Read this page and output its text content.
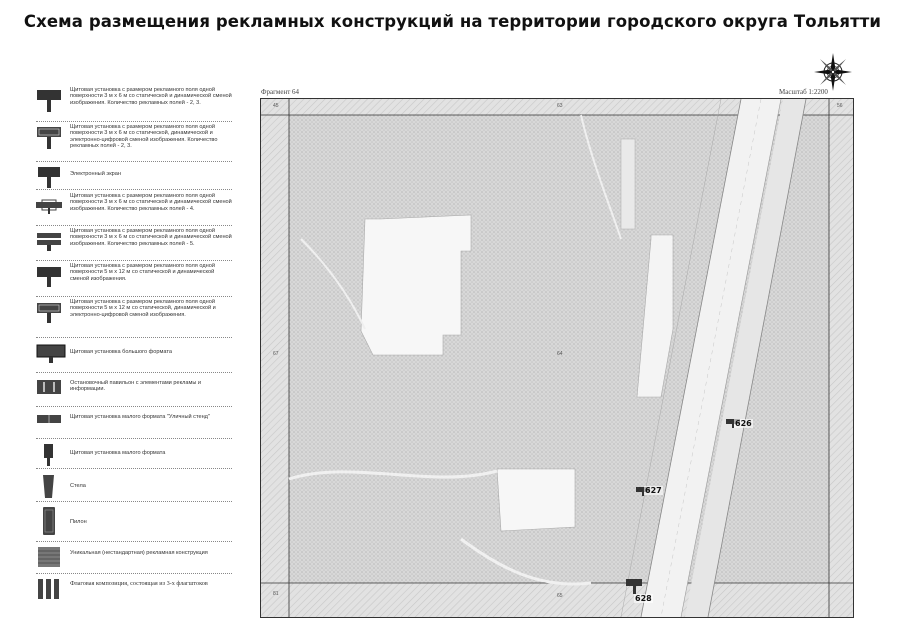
Схема размещения рекламных конструкций на территории городского округа Тольятти
Щитовая установка с размером рекламного поля одной поверхности 3 м х 6 м со статической и динамической сменой изображения. Количество рекламных полей - 2, 3.
Щитовая установка с размером рекламного поля одной поверхности 3 м х 6 м со статической, динамической и электронно-цифровой сменой изображения. Количество рекламных полей - 2, 3.
Электронный экран
Щитовая установка с размером рекламного поля одной поверхности 3 м х 6 м со статической и динамической сменой изображения. Количество рекламных полей - 4.
Щитовая установка с размером рекламного поля одной поверхности 3 м х 6 м со статической и динамической сменой изображения. Количество рекламных полей - 5.
Щитовая установка с размером рекламного поля одной поверхности 5 м х 12 м со статической и динамической сменой изображения.
Щитовая установка с размером рекламного поля одной поверхности 5 м х 12 м со статической, динамической и электронно-цифровой сменой изображения.
Щитовая установка большого формата
Остановочный павильон с элементами рекламы и информации.
Щитовая установка малого формата "Уличный стенд"
Щитовая установка малого формата
Стела
Пилон
Уникальная (нестандартная) рекламная конструкция
Флаговая композиция, состоящая из 3-х флагштоков
Фрагмент 64	Масштаб 1:2200
45	63	56
67
81	65
64
626
627
628
